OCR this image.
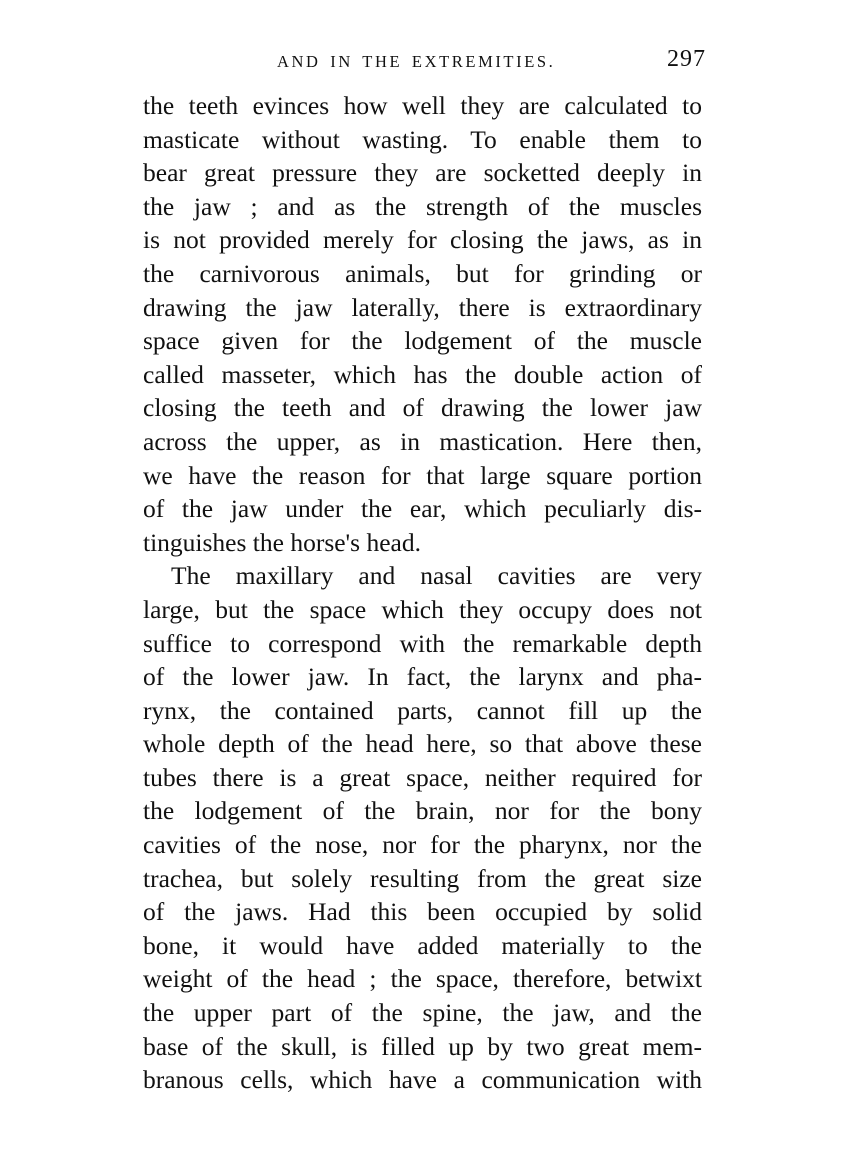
AND IN THE EXTREMITIES.	297
the teeth evinces how well they are calculated to
masticate without wasting. To enable them to
bear great pressure they are socketted deeply in
the jaw ; and as the strength of the muscles
is not provided merely for closing the jaws, as in
the carnivorous animals, but for grinding or
drawing the jaw laterally, there is extraordinary
space given for the lodgement of the muscle
called masseter, which has the double action of
closing the teeth and of drawing the lower jaw
across the upper, as in mastication. Here then,
we have the reason for that large square portion
of the jaw under the ear, which peculiarly dis-
tinguishes the horse's head.
The maxillary and nasal cavities are very
large, but the space which they occupy does not
suffice to correspond with the remarkable depth
of the lower jaw. In fact, the larynx and pha-
rynx, the contained parts, cannot fill up the
whole depth of the head here, so that above these
tubes there is a great space, neither required for
the lodgement of the brain, nor for the bony
cavities of the nose, nor for the pharynx, nor the
trachea, but solely resulting from the great size
of the jaws. Had this been occupied by solid
bone, it would have added materially to the
weight of the head ; the space, therefore, betwixt
the upper part of the spine, the jaw, and the
base of the skull, is filled up by two great mem-
branous cells, which have a communication with
